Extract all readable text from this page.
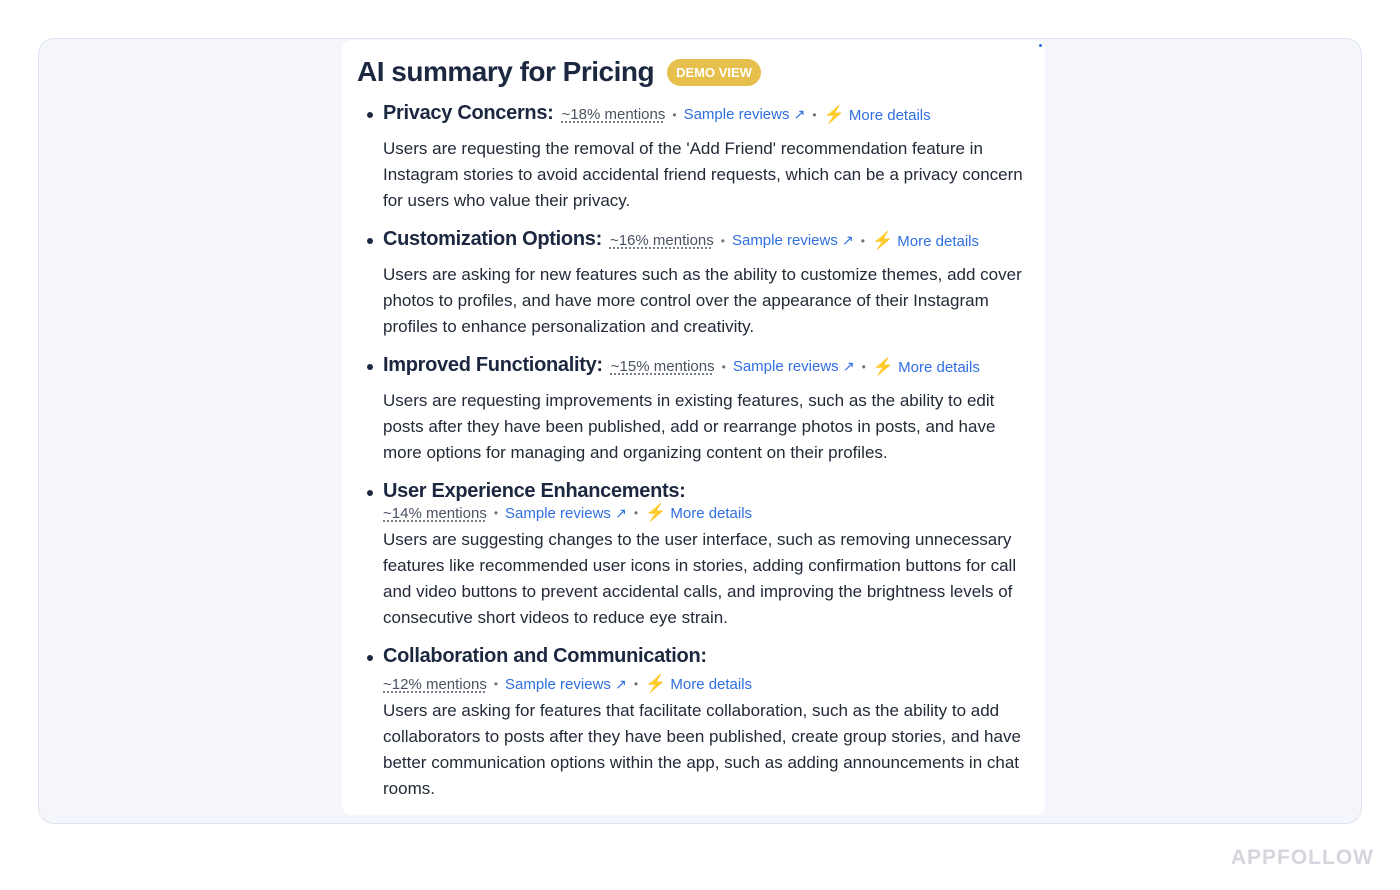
AI summary for Pricing	DEMO VIEW
Privacy Concerns: ~18% mentions • Sample reviews ↗ • ⚡ More details

Users are requesting the removal of the 'Add Friend' recommendation feature in Instagram stories to avoid accidental friend requests, which can be a privacy concern for users who value their privacy.

Customization Options: ~16% mentions • Sample reviews ↗ • ⚡ More details

Users are asking for new features such as the ability to customize themes, add cover photos to profiles, and have more control over the appearance of their Instagram profiles to enhance personalization and creativity.

Improved Functionality: ~15% mentions • Sample reviews ↗ • ⚡ More details

Users are requesting improvements in existing features, such as the ability to edit posts after they have been published, add or rearrange photos in posts, and have more options for managing and organizing content on their profiles.

User Experience Enhancements:
~14% mentions • Sample reviews ↗ • ⚡ More details

Users are suggesting changes to the user interface, such as removing unnecessary features like recommended user icons in stories, adding confirmation buttons for call and video buttons to prevent accidental calls, and improving the brightness levels of consecutive short videos to reduce eye strain.

Collaboration and Communication:
~12% mentions • Sample reviews ↗ • ⚡ More details

Users are asking for features that facilitate collaboration, such as the ability to add collaborators to posts after they have been published, create group stories, and have better communication options within the app, such as adding announcements in chat rooms.

APPFOLLOW
